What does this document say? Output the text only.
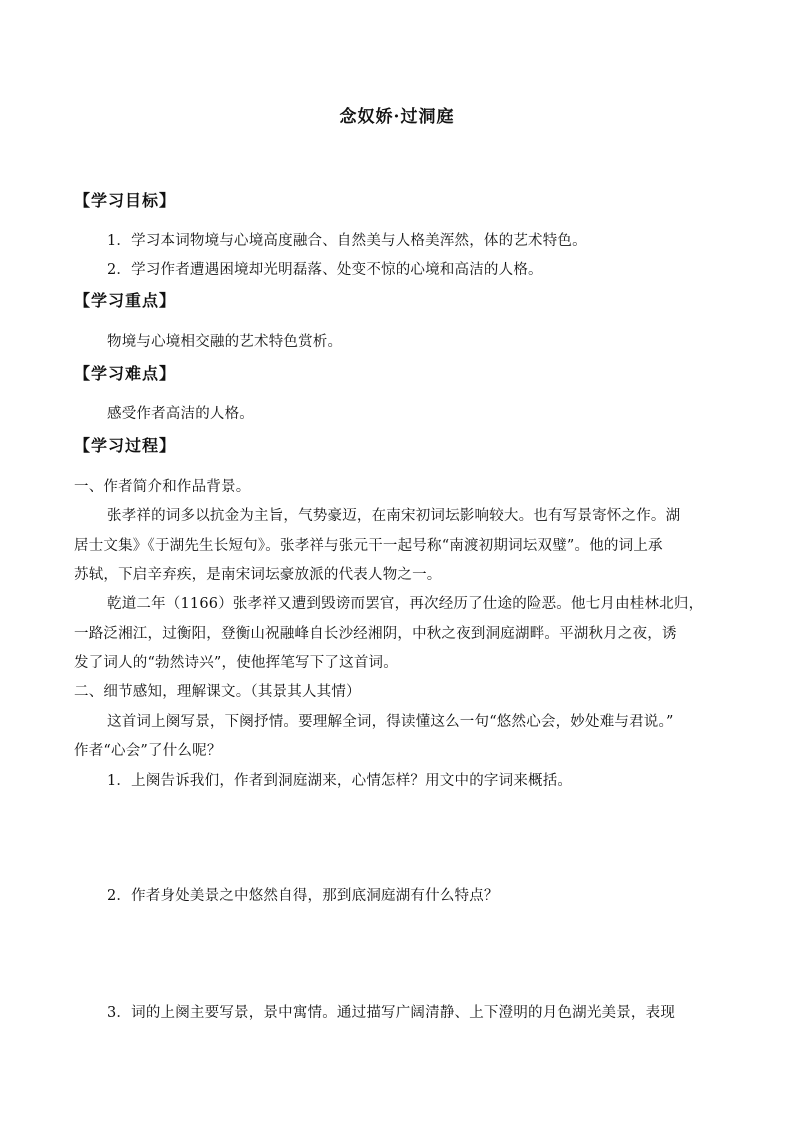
念奴娇·过洞庭
【学习目标】
1．学习本词物境与心境高度融合、自然美与人格美浑然，体的艺术特色。
2．学习作者遭遇困境却光明磊落、处变不惊的心境和高洁的人格。
【学习重点】
物境与心境相交融的艺术特色赏析。
【学习难点】
感受作者高洁的人格。
【学习过程】
一、作者简介和作品背景。
张孝祥的词多以抗金为主旨，气势豪迈，在南宋初词坛影响较大。也有写景寄怀之作。湖
居士文集》《于湖先生长短句》。张孝祥与张元干一起号称“南渡初期词坛双璧”。他的词上承
苏轼，下启辛弃疾，是南宋词坛豪放派的代表人物之一。
乾道二年（1166）张孝祥又遭到毁谤而罢官，再次经历了仕途的险恶。他七月由桂林北归，
一路泛湘江，过衡阳，登衡山祝融峰自长沙经湘阴，中秋之夜到洞庭湖畔。平湖秋月之夜，诱
发了词人的“勃然诗兴”，使他挥笔写下了这首词。
二、细节感知，理解课文。（其景其人其情）
这首词上阕写景，下阕抒情。要理解全词，得读懂这么一句“悠然心会，妙处难与君说。”
作者“心会”了什么呢？
1．上阕告诉我们，作者到洞庭湖来，心情怎样？用文中的字词来概括。
2．作者身处美景之中悠然自得，那到底洞庭湖有什么特点？
3．词的上阕主要写景，景中寓情。通过描写广阔清静、上下澄明的月色湖光美景，表现
